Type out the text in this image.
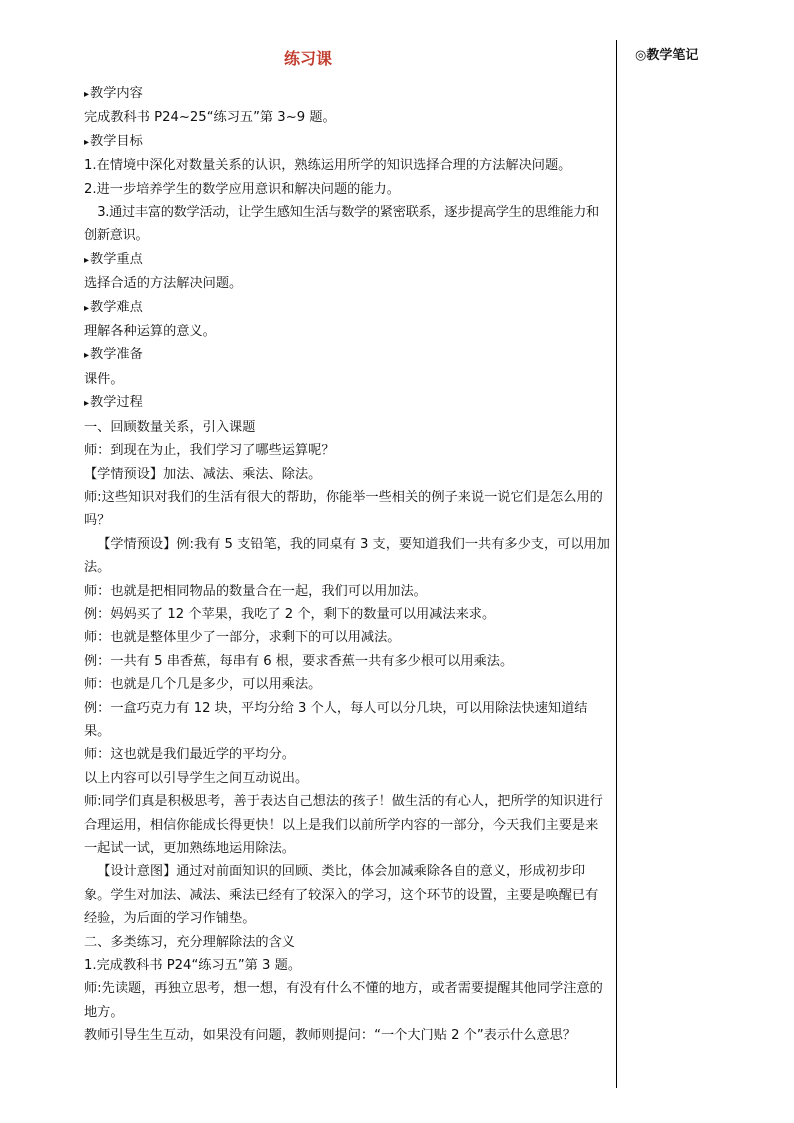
练习课	◎教学笔记

▸ 教学内容

完成教科书 P24~25“练习五”第 3~9 题。

▸ 教学目标

1.在情境中深化对数量关系的认识，熟练运用所学的知识选择合理的方法解决问题。

2.进一步培养学生的数学应用意识和解决问题的能力。

3.通过丰富的数学活动，让学生感知生活与数学的紧密联系，逐步提高学生的思维能力和创新意识。

▸ 教学重点

选择合适的方法解决问题。

▸ 教学难点

理解各种运算的意义。

▸ 教学准备

课件。

▸ 教学过程

一、回顾数量关系，引入课题

师：到现在为止，我们学习了哪些运算呢？

【学情预设】加法、减法、乘法、除法。

师:这些知识对我们的生活有很大的帮助，你能举一些相关的例子来说一说它们是怎么用的吗？

【学情预设】例:我有 5 支铅笔，我的同桌有 3 支，要知道我们一共有多少支，可以用加法。

师：也就是把相同物品的数量合在一起，我们可以用加法。

例：妈妈买了 12 个苹果，我吃了 2 个，剩下的数量可以用减法来求。

师：也就是整体里少了一部分，求剩下的可以用减法。

例：一共有 5 串香蕉，每串有 6 根，要求香蕉一共有多少根可以用乘法。

师：也就是几个几是多少，可以用乘法。

例：一盒巧克力有 12 块，平均分给 3 个人，每人可以分几块，可以用除法快速知道结果。

师：这也就是我们最近学的平均分。

以上内容可以引导学生之间互动说出。

师:同学们真是积极思考，善于表达自己想法的孩子！做生活的有心人，把所学的知识进行合理运用，相信你能成长得更快！以上是我们以前所学内容的一部分，今天我们主要是来一起试一试，更加熟练地运用除法。

【设计意图】通过对前面知识的回顾、类比，体会加减乘除各自的意义，形成初步印象。学生对加法、减法、乘法已经有了较深入的学习，这个环节的设置，主要是唤醒已有经验，为后面的学习作铺垫。

二、多类练习，充分理解除法的含义

1.完成教科书 P24“练习五”第 3 题。

师:先读题，再独立思考，想一想，有没有什么不懂的地方，或者需要提醒其他同学注意的地方。

教师引导生生互动，如果没有问题，教师则提问：“一个大门贴 2 个”表示什么意思？
